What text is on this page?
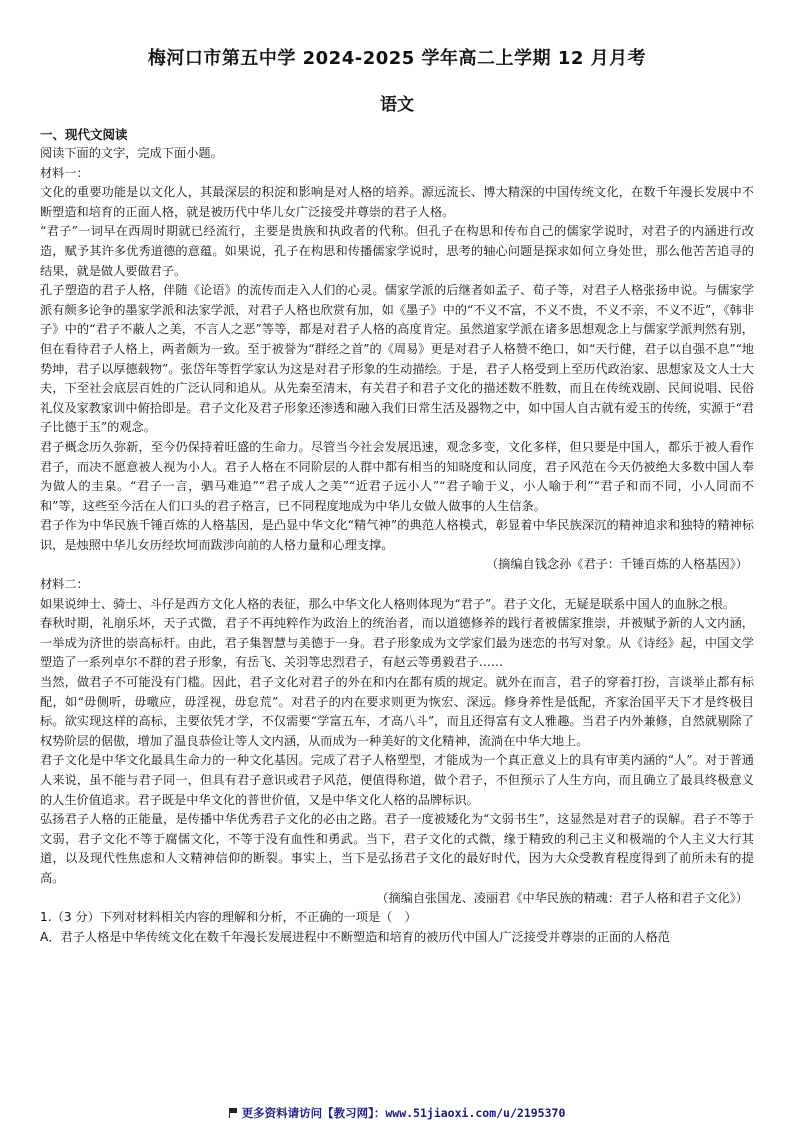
梅河口市第五中学 2024-2025 学年高二上学期 12 月月考
语文
一、现代文阅读

阅读下面的文字，完成下面小题。

材料一：

文化的重要功能是以文化人，其最深层的积淀和影响是对人格的培养。源远流长、博大精深的中国传统文化，在数千年漫长发展中不断塑造和培育的正面人格，就是被历代中华儿女广泛接受并尊崇的君子人格。

“君子”一词早在西周时期就已经流行，主要是贵族和执政者的代称。但孔子在构思和传布自己的儒家学说时，对君子的内涵进行改造，赋予其许多优秀道德的意蕴。如果说，孔子在构思和传播儒家学说时，思考的轴心问题是探求如何立身处世，那么他苦苦追寻的结果，就是做人要做君子。

孔子塑造的君子人格，伴随《论语》的流传而走入人们的心灵。儒家学派的后继者如孟子、荀子等，对君子人格张扬申说。与儒家学派有颇多论争的墨家学派和法家学派，对君子人格也欣赏有加，如《墨子》中的“不义不富，不义不贵，不义不亲，不义不近”，《韩非子》中的“君子不蔽人之美，不言人之恶”等等，都是对君子人格的高度肯定。虽然道家学派在诸多思想观念上与儒家学派判然有别，但在看待君子人格上，两者颇为一致。至于被誉为“群经之首”的《周易》更是对君子人格赞不绝口，如“天行健，君子以自强不息”“地势坤，君子以厚德载物”。张岱年等哲学家认为这是对君子形象的生动描绘。于是，君子人格受到上至历代政治家、思想家及文人士大夫，下至社会底层百姓的广泛认同和追从。从先秦至清末，有关君子和君子文化的描述数不胜数，而且在传统戏剧、民间说唱、民俗礼仪及家教家训中俯拾即是。君子文化及君子形象还渗透和融入我们日常生活及器物之中，如中国人自古就有爱玉的传统，实源于“君子比德于玉”的观念。

君子概念历久弥新，至今仍保持着旺盛的生命力。尽管当今社会发展迅速，观念多变，文化多样，但只要是中国人，都乐于被人看作君子，而决不愿意被人视为小人。君子人格在不同阶层的人群中都有相当的知晓度和认同度，君子风范在今天仍被绝大多数中国人奉为做人的圭臬。“君子一言，驷马难追”“君子成人之美”“近君子远小人”“君子喻于义，小人喻于利”“君子和而不同，小人同而不和”等，这些至今活在人们口头的君子格言，已不同程度地成为中华儿女做人做事的人生信条。

君子作为中华民族千锤百炼的人格基因，是凸显中华文化“精气神”的典范人格模式，彰显着中华民族深沉的精神追求和独特的精神标识，是烛照中华儿女历经坎坷而跋涉向前的人格力量和心理支撑。

（摘编自钱念孙《君子：千锤百炼的人格基因》）

材料二：

如果说绅士、骑士、斗仔是西方文化人格的表征，那么中华文化人格则体现为“君子”。君子文化，无疑是联系中国人的血脉之根。

春秋时期，礼崩乐坏，天子式微，君子不再纯粹作为政治上的统治者，而以道德修养的践行者被儒家推崇，并被赋予新的人文内涵，一举成为济世的崇高标杆。由此，君子集智慧与美德于一身。君子形象成为文学家们最为迷恋的书写对象。从《诗经》起，中国文学塑造了一系列卓尔不群的君子形象，有岳飞、关羽等忠烈君子，有赵云等勇毅君子……

当然，做君子不可能没有门槛。因此，君子文化对君子的外在和内在都有质的规定。就外在而言，君子的穿着打扮，言谈举止都有标配，如“毋侧听，毋噭应，毋淫视，毋怠荒”。对君子的内在要求则更为恢宏、深远。修身养性是低配，齐家治国平天下才是终极目标。欲实现这样的高标，主要依凭才学，不仅需要“学富五车，才高八斗”，而且还得富有文人雅趣。当君子内外兼修，自然就剔除了权势阶层的倨傲，增加了温良恭俭让等人文内涵，从而成为一种美好的文化精神，流淌在中华大地上。

君子文化是中华文化最具生命力的一种文化基因。完成了君子人格塑型，才能成为一个真正意义上的具有审美内涵的“人”。对于普通人来说，虽不能与君子同一，但具有君子意识或君子风范，便值得称道，做个君子，不但预示了人生方向，而且确立了最具终极意义的人生价值追求。君子既是中华文化的普世价值，又是中华文化人格的品牌标识。

弘扬君子人格的正能量，是传播中华优秀君子文化的必由之路。君子一度被矮化为“文弱书生”，这显然是对君子的误解。君子不等于文弱，君子文化不等于腐儒文化，不等于没有血性和勇武。当下，君子文化的式微，缘于精致的利己主义和极端的个人主义大行其道，以及现代性焦虑和人文精神信仰的断裂。事实上，当下是弘扬君子文化的最好时代，因为大众受教育程度得到了前所未有的提高。

（摘编自张国龙、凌丽君《中华民族的精魂：君子人格和君子文化》）

1.（3 分）下列对材料相关内容的理解和分析，不正确的一项是（　）

A．君子人格是中华传统文化在数千年漫长发展进程中不断塑造和培育的被历代中国人广泛接受并尊崇的正面的人格范

更多资料请访问【教习网】：www.51jiaoxi.com/u/2195370
